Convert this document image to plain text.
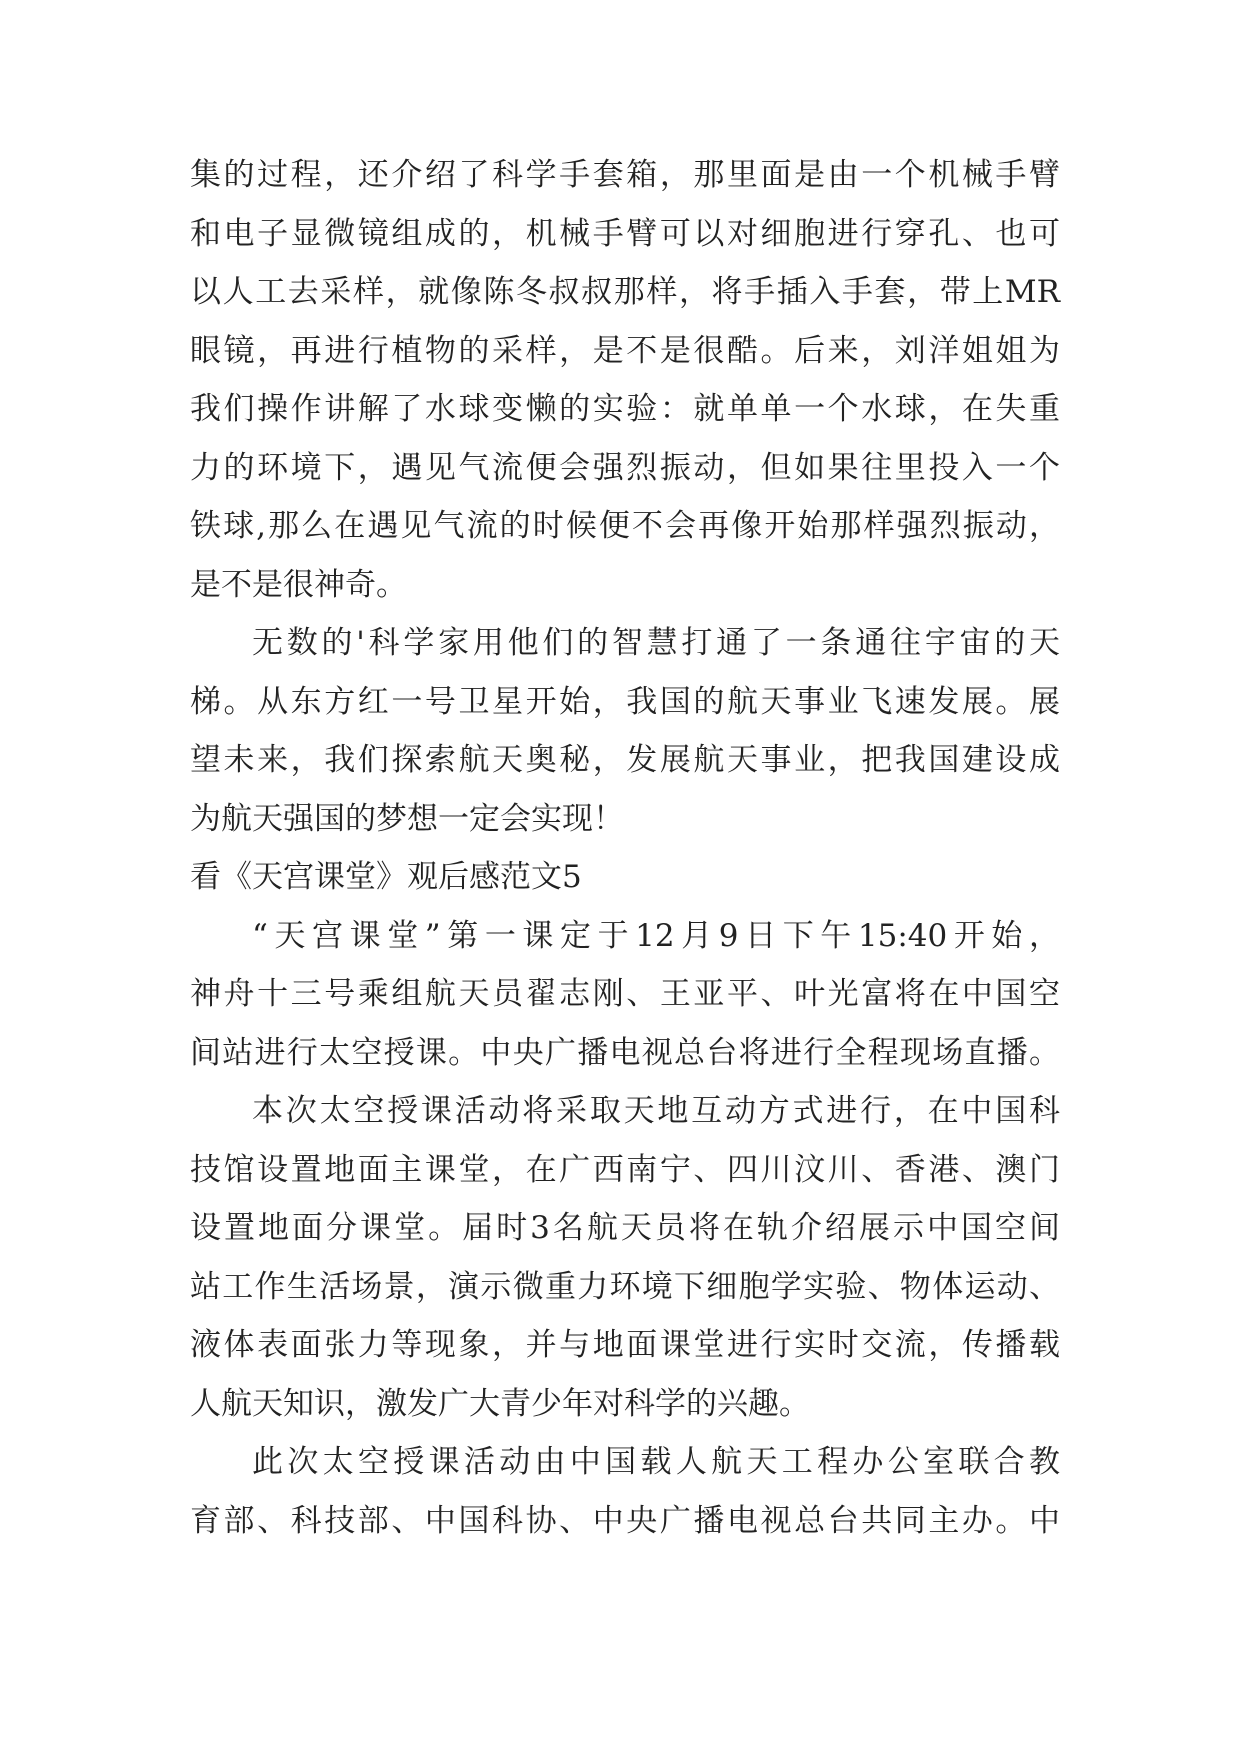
集的过程，还介绍了科学手套箱，那里面是由一个机械手臂
和电子显微镜组成的，机械手臂可以对细胞进行穿孔、也可
以人工去采样，就像陈冬叔叔那样，将手插入手套，带上MR
眼镜，再进行植物的采样，是不是很酷。后来，刘洋姐姐为
我们操作讲解了水球变懒的实验：就单单一个水球，在失重
力的环境下，遇见气流便会强烈振动，但如果往里投入一个
铁球,那么在遇见气流的时候便不会再像开始那样强烈振动，
是不是很神奇。
无数的'科学家用他们的智慧打通了一条通往宇宙的天
梯。从东方红一号卫星开始，我国的航天事业飞速发展。展
望未来，我们探索航天奥秘，发展航天事业，把我国建设成
为航天强国的梦想一定会实现！
看《天宫课堂》观后感范文5
“天宫课堂”第一课定于12月9日下午15:40开始，
神舟十三号乘组航天员翟志刚、王亚平、叶光富将在中国空
间站进行太空授课。中央广播电视总台将进行全程现场直播。
本次太空授课活动将采取天地互动方式进行，在中国科
技馆设置地面主课堂，在广西南宁、四川汶川、香港、澳门
设置地面分课堂。届时3名航天员将在轨介绍展示中国空间
站工作生活场景，演示微重力环境下细胞学实验、物体运动、
液体表面张力等现象，并与地面课堂进行实时交流，传播载
人航天知识，激发广大青少年对科学的兴趣。
此次太空授课活动由中国载人航天工程办公室联合教
育部、科技部、中国科协、中央广播电视总台共同主办。中
